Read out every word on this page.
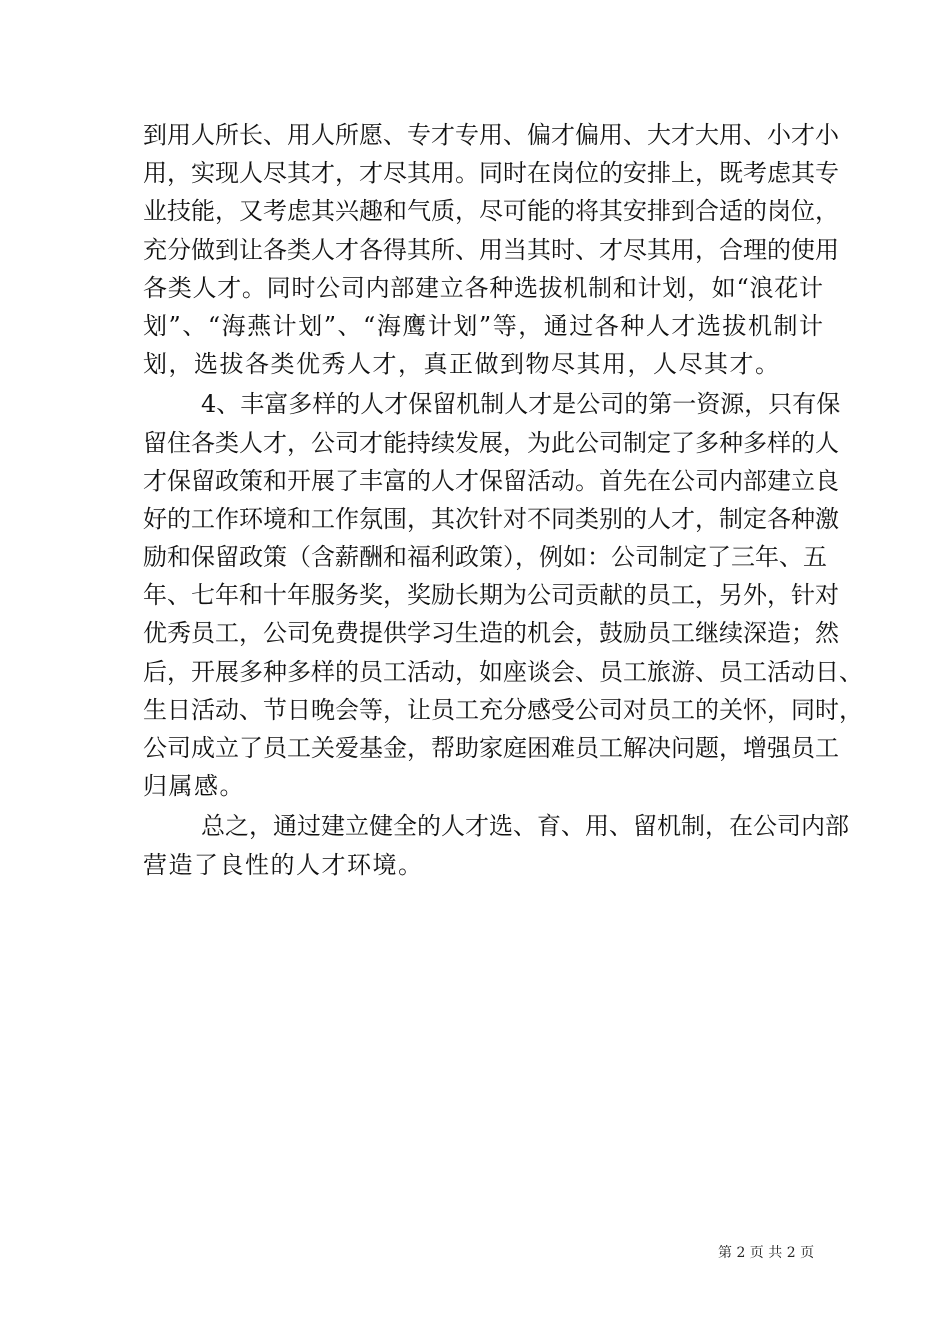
到用人所长、用人所愿、专才专用、偏才偏用、大才大用、小才小
用，实现人尽其才，才尽其用。同时在岗位的安排上，既考虑其专
业技能，又考虑其兴趣和气质，尽可能的将其安排到合适的岗位，
充分做到让各类人才各得其所、用当其时、才尽其用，合理的使用
各类人才。同时公司内部建立各种选拔机制和计划，如“浪花计
划”、“海燕计划”、“海鹰计划”等，通过各种人才选拔机制计
划，选拔各类优秀人才，真正做到物尽其用，人尽其才。
4、丰富多样的人才保留机制人才是公司的第一资源，只有保
留住各类人才，公司才能持续发展，为此公司制定了多种多样的人
才保留政策和开展了丰富的人才保留活动。首先在公司内部建立良
好的工作环境和工作氛围，其次针对不同类别的人才，制定各种激
励和保留政策（含薪酬和福利政策），例如：公司制定了三年、五
年、七年和十年服务奖，奖励长期为公司贡献的员工，另外，针对
优秀员工，公司免费提供学习生造的机会，鼓励员工继续深造；然
后，开展多种多样的员工活动，如座谈会、员工旅游、员工活动日、
生日活动、节日晚会等，让员工充分感受公司对员工的关怀，同时，
公司成立了员工关爱基金，帮助家庭困难员工解决问题，增强员工
归属感。
总之，通过建立健全的人才选、育、用、留机制，在公司内部
营造了良性的人才环境。
第 2 页 共 2 页
